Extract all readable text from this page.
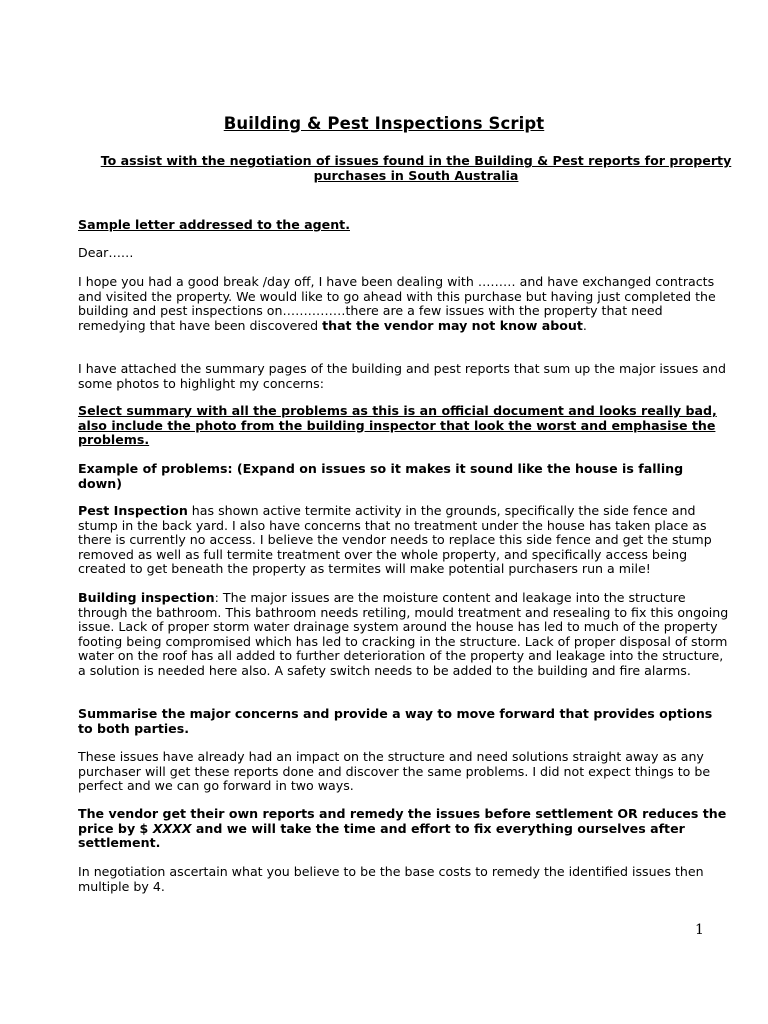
Building & Pest Inspections Script
To assist with the negotiation of issues found in the Building & Pest reports for property purchases in South Australia
Sample letter addressed to the agent.
Dear……
I hope you had a good break /day off, I have been dealing with ……… and have exchanged contracts and visited the property. We would like to go ahead with this purchase but having just completed the building and pest inspections on……………there are a few issues with the property that need remedying that have been discovered that the vendor may not know about.
I have attached the summary pages of the building and pest reports that sum up the major issues and some photos to highlight my concerns:
Select summary with all the problems as this is an official document and looks really bad, also include the photo from the building inspector that look the worst and emphasise the problems.
Example of problems: (Expand on issues so it makes it sound like the house is falling down)
Pest Inspection has shown active termite activity in the grounds, specifically the side fence and stump in the back yard. I also have concerns that no treatment under the house has taken place as there is currently no access. I believe the vendor needs to replace this side fence and get the stump removed as well as full termite treatment over the whole property, and specifically access being created to get beneath the property as termites will make potential purchasers run a mile!
Building inspection: The major issues are the moisture content and leakage into the structure through the bathroom. This bathroom needs retiling, mould treatment and resealing to fix this ongoing issue. Lack of proper storm water drainage system around the house has led to much of the property footing being compromised which has led to cracking in the structure. Lack of proper disposal of storm water on the roof has all added to further deterioration of the property and leakage into the structure, a solution is needed here also. A safety switch needs to be added to the building and fire alarms.
Summarise the major concerns and provide a way to move forward that provides options to both parties.
These issues have already had an impact on the structure and need solutions straight away as any purchaser will get these reports done and discover the same problems. I did not expect things to be perfect and we can go forward in two ways.
The vendor get their own reports and remedy the issues before settlement OR reduces the price by $ XXXX and we will take the time and effort to fix everything ourselves after settlement.
In negotiation ascertain what you believe to be the base costs to remedy the identified issues then multiple by 4.
1
